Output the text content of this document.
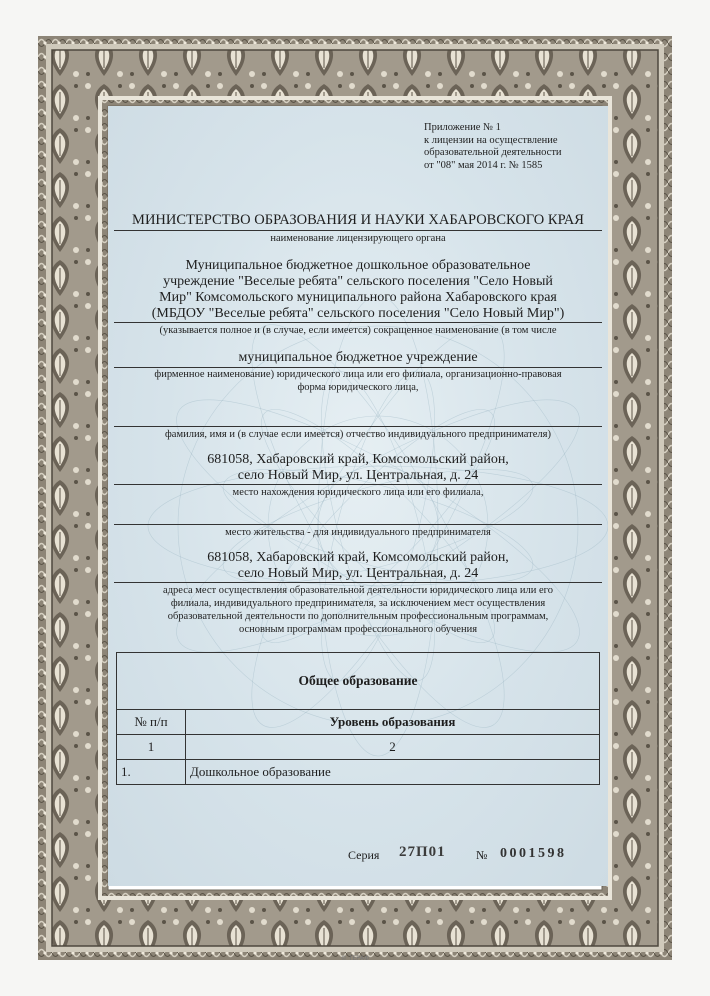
Приложение № 1
к лицензии на осуществление
образовательной деятельности
от "08" мая 2014 г. № 1585
МИНИСТЕРСТВО ОБРАЗОВАНИЯ И НАУКИ ХАБАРОВСКОГО КРАЯ
наименование лицензирующего органа
Муниципальное бюджетное дошкольное образовательное
учреждение "Веселые ребята" сельского поселения "Село Новый
Мир" Комсомольского муниципального района Хабаровского края
(МБДОУ "Веселые ребята" сельского поселения "Село Новый Мир")
(указывается полное и (в случае, если имеется) сокращенное наименование (в том числе
муниципальное бюджетное учреждение
фирменное наименование) юридического лица или его филиала, организационно-правовая
форма юридического лица,
фамилия, имя и (в случае если имеется) отчество индивидуального предпринимателя)
681058, Хабаровский край, Комсомольский район,
село Новый Мир, ул. Центральная, д. 24
место нахождения юридического лица или его филиала,
место жительства - для индивидуального предпринимателя
681058, Хабаровский край, Комсомольский район,
село Новый Мир, ул. Центральная, д. 24
адреса мест осуществления образовательной деятельности юридического лица или его
филиала, индивидуального предпринимателя, за исключением мест осуществления
образовательной деятельности по дополнительным профессиональным программам,
основным программам профессионального обучения
Общее образование	
№ п/п	Уровень образования
1	2
1.	Дошкольное образование
Серия 27П01	№ 0001598
© ТЕРАФ
